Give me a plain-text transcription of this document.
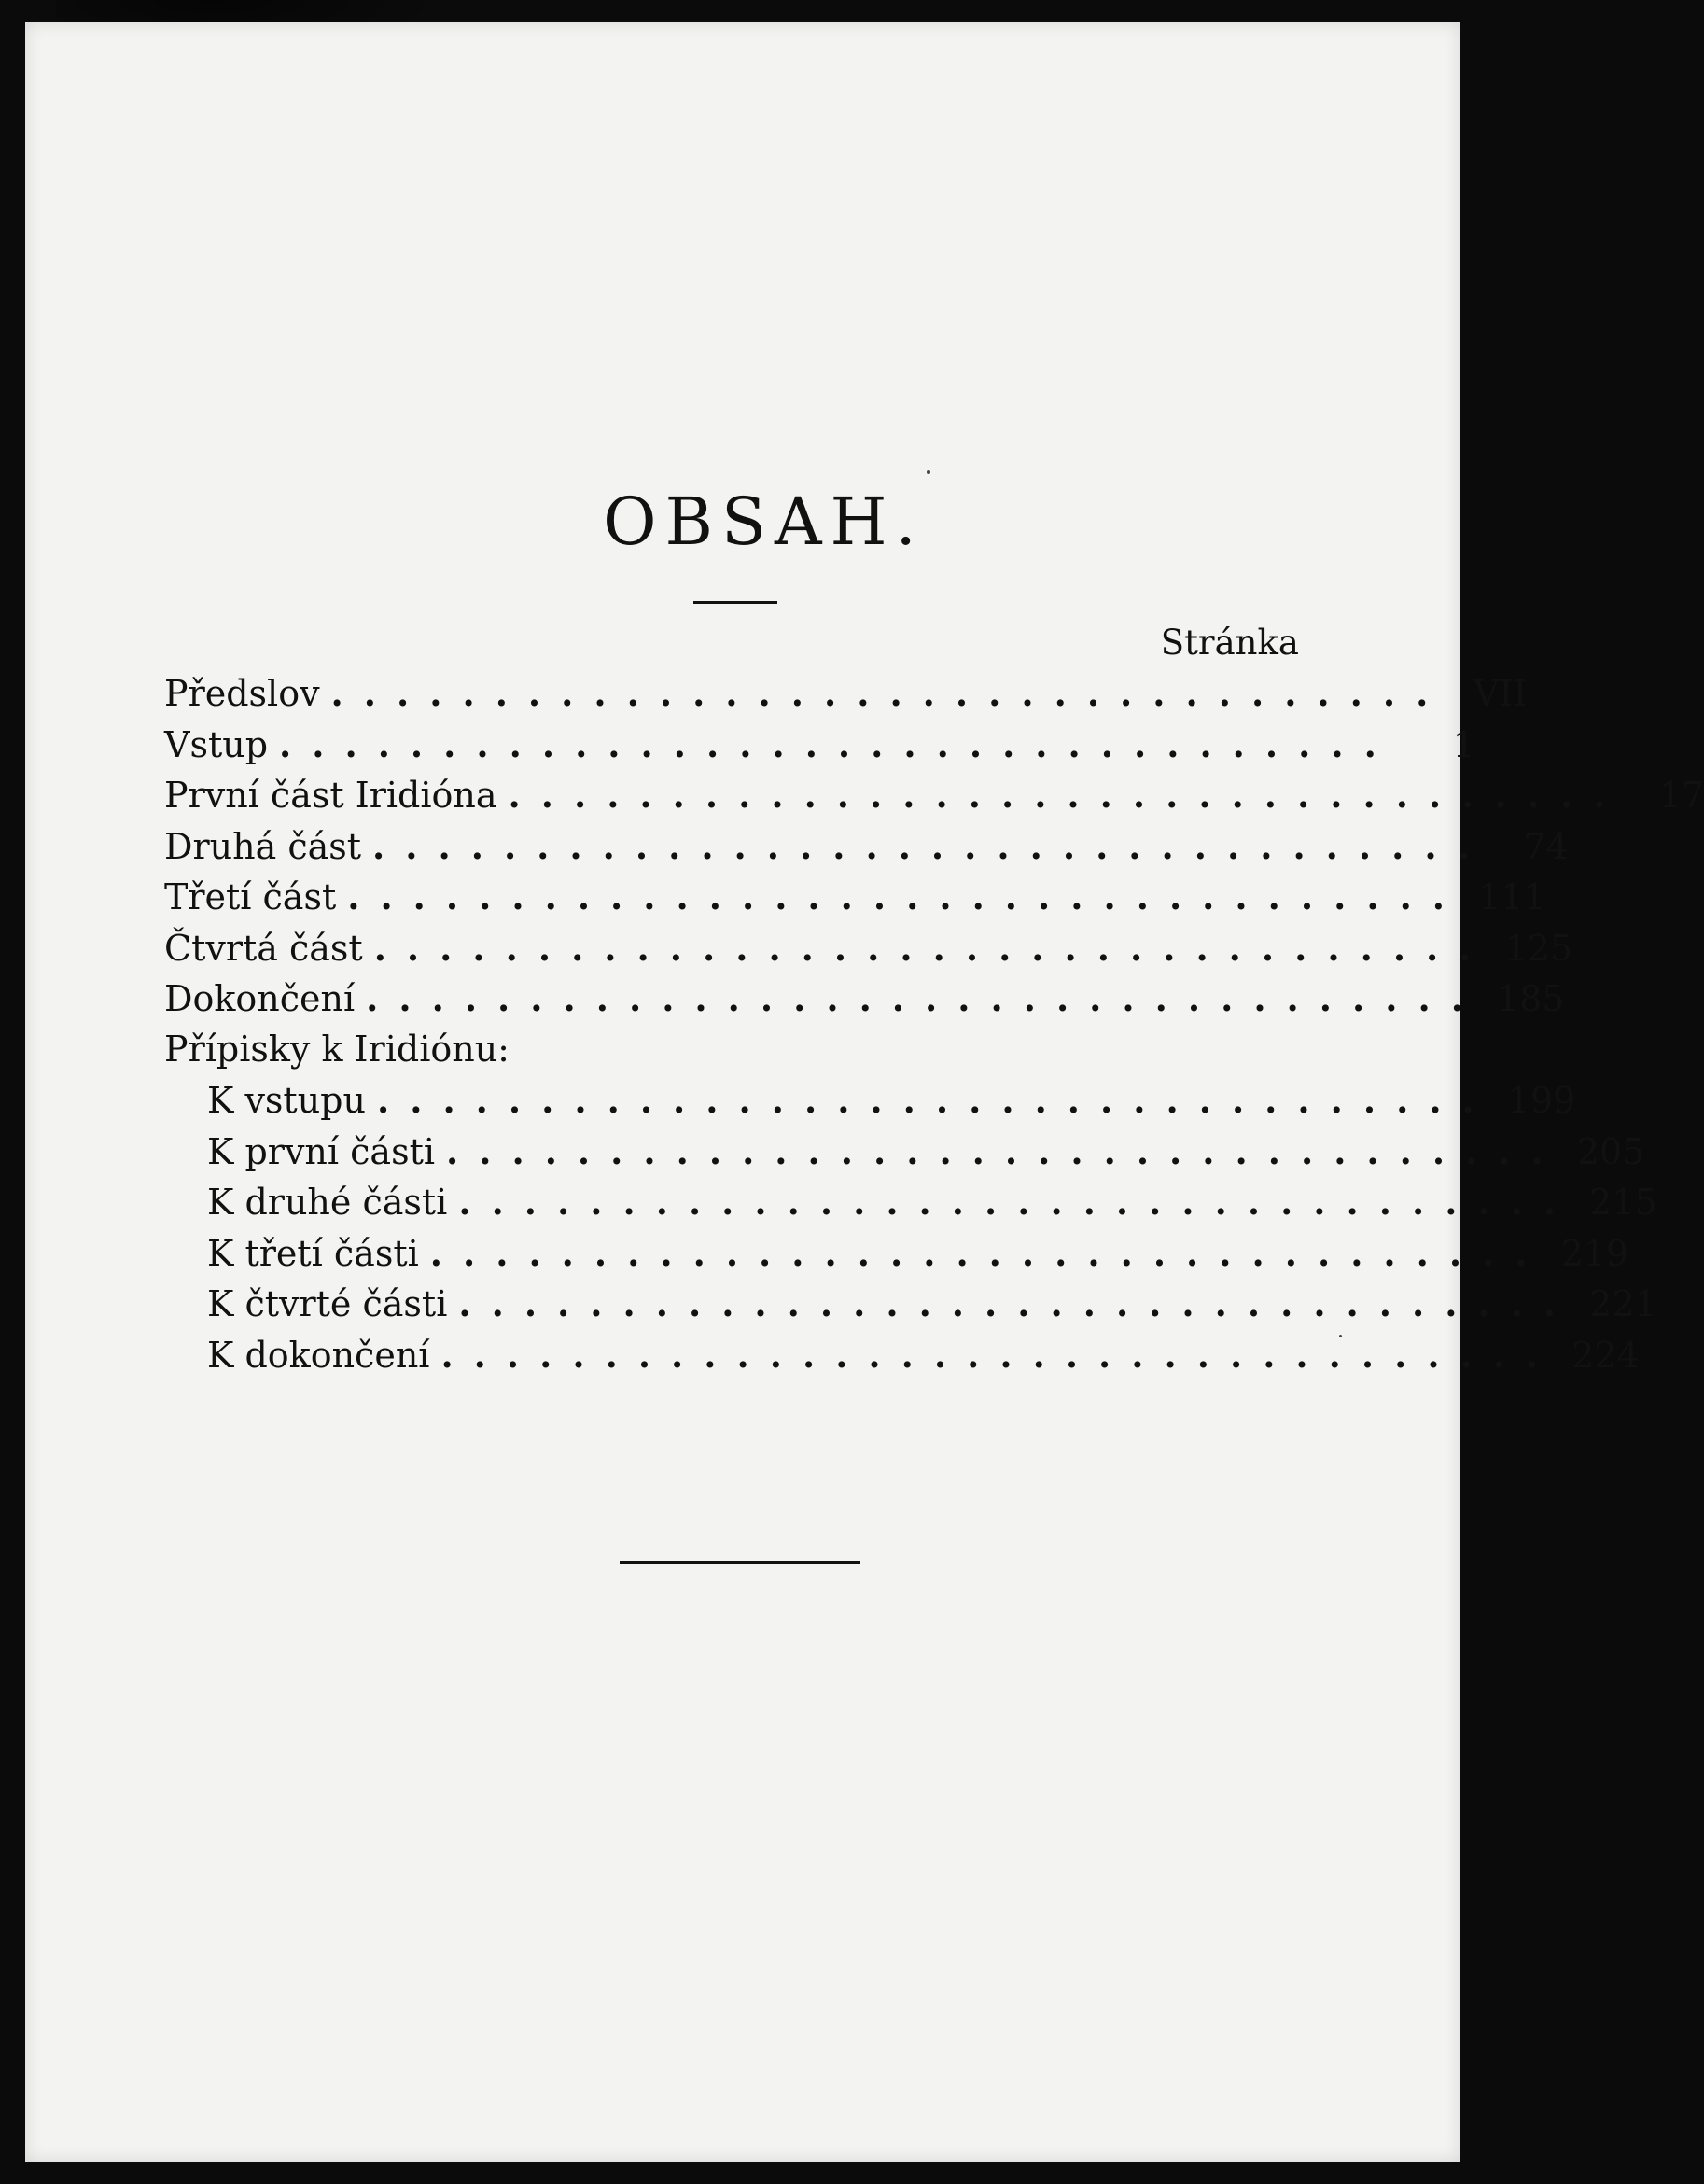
OBSAH.
Stránka
Předslov .................................. VII
Vstup ..................................	1
První část Iridióna .................................. 17
Druhá část .................................. 74
Třetí část .................................. 111
Čtvrtá část .................................. 125
Dokončení .................................. 185
Přípisky k Iridiónu:
K vstupu .................................. 199
K první části .................................. 205
K druhé části .................................. 215
K třetí části .................................. 219
K čtvrté části .................................. 221
K dokončení .................................. 224
